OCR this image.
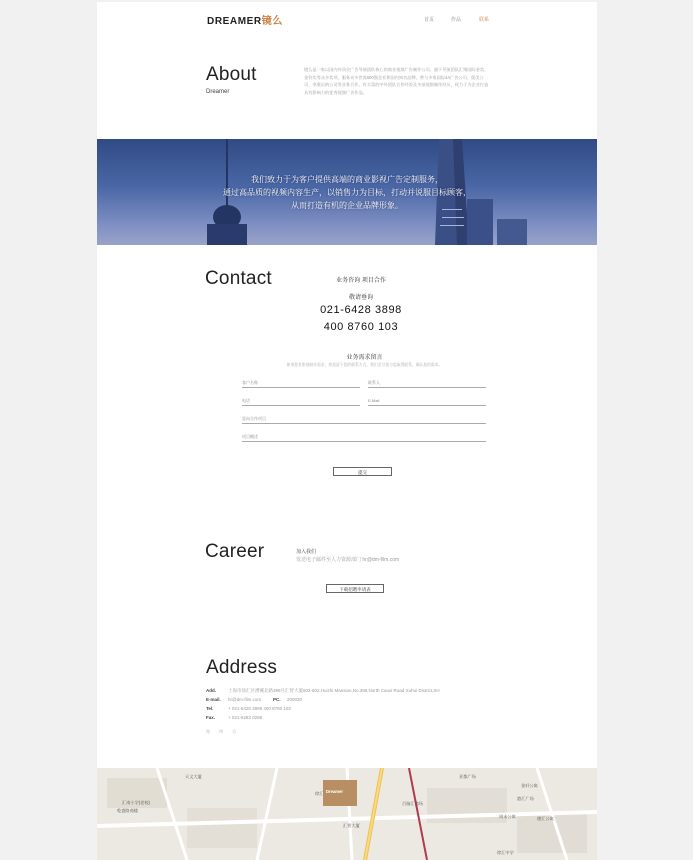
DREAMER镜么	首页	作品	联系
About
Dreamer
镜么是一家以国内外顶尖广告导演团队核心的商业视频广告制作公司。旗下导演团队汇聚国际金奖、金铃奖等众多奖项，服务众多世界500强企业和国内知名品牌，曾与多家国际4A广告公司、奥美公司、李奥贝纳公司等业务合作，有丰富的中外团队合作经验及多部视频制作经历，致力于为企业打造具有影响力的优秀视频广告作品。
我们致力于为客户提供高端的商业影视广告定制服务，
通过高品质的视频内容生产，以销售力为目标，打动并说服目标顾客，
从而打造有机的企业品牌形象。
Contact	业务咨询 项目合作
敬请垂询
021-6428 3898
400 8760 103
业务需求留言
如果您有影视制作需求，欢迎留下您的联系方式，我们会尽快与您取得联系，确认您的需求。
客户名称	联系人
电话	E-Mail
意向合作项目
项目概述
提交
Career	加入我们
发送电子邮件至人力资源部门 hr@dm-film.com
下载招聘申请表
Address
Add.	上海市徐汇区漕溪北路398号汇智大厦602-602,Huizhi Mansion,No.398,North Caoxi Road,Xuhui District,SH
E-mail. hr@dm-film.com	PC. 200030
Tel.	+ 021-6428 3898 400 8760 103
Fax.	+ 021-6283 0288
微 博 信
Dreamer
天文大厦
汇南小学(老校)
乾盛路商楼
徐汇
汇智大厦
百脑汇商场
亚都广场
金轩公寓
港汇广场
周末公寓	德汇公寓
徐汇中学
